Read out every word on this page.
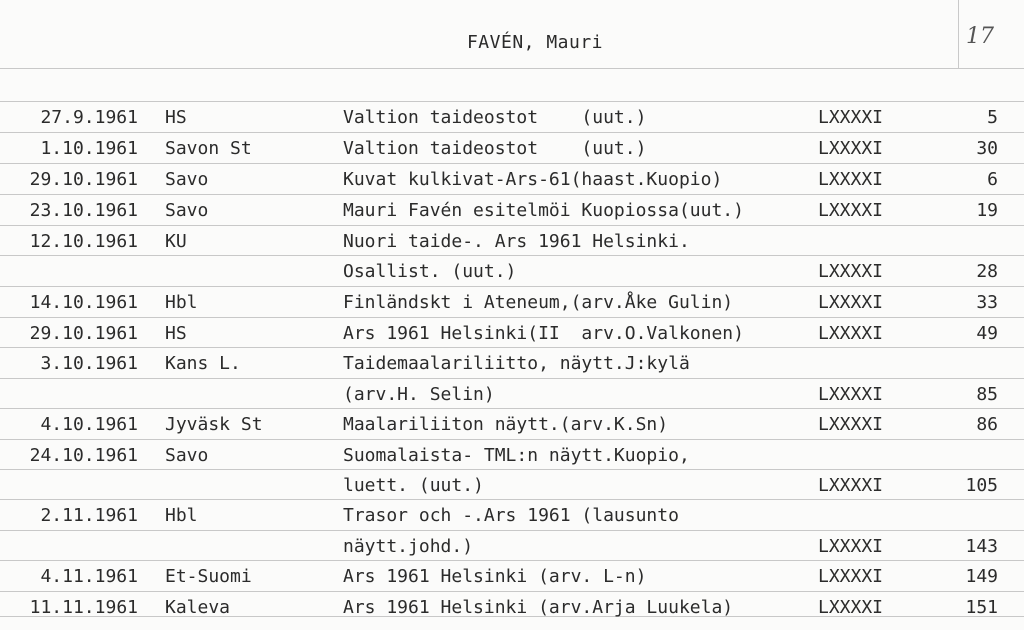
FAVÉN, Mauri	17
27.9.1961 HS	Valtion taideostot    (uut.)	LXXXXI	5
1.10.1961 Savon St	Valtion taideostot    (uut.)	LXXXXI	30
29.10.1961 Savo	Kuvat kulkivat-Ars-61(haast.Kuopio)	LXXXXI	6
23.10.1961 Savo	Mauri Favén esitelmöi Kuopiossa(uut.)	LXXXXI	19
12.10.1961 KU	Nuori taide-. Ars 1961 Helsinki.
Osallist. (uut.)	LXXXXI	28
14.10.1961 Hbl	Finländskt i Ateneum,(arv.Åke Gulin)	LXXXXI	33
29.10.1961 HS	Ars 1961 Helsinki(II  arv.O.Valkonen)	LXXXXI	49
3.10.1961 Kans L.	Taidemaalariliitto, näytt.J:kylä
(arv.H. Selin)	LXXXXI	85
4.10.1961 Jyväsk St	Maalariliiton näytt.(arv.K.Sn)	LXXXXI	86
24.10.1961 Savo	Suomalaista- TML:n näytt.Kuopio,
luett. (uut.)	LXXXXI	105
2.11.1961 Hbl	Trasor och -.Ars 1961 (lausunto
näytt.johd.)	LXXXXI	143
4.11.1961 Et-Suomi	Ars 1961 Helsinki (arv. L-n)	LXXXXI	149
11.11.1961 Kaleva	Ars 1961 Helsinki (arv.Arja Luukela)	LXXXXI	151
